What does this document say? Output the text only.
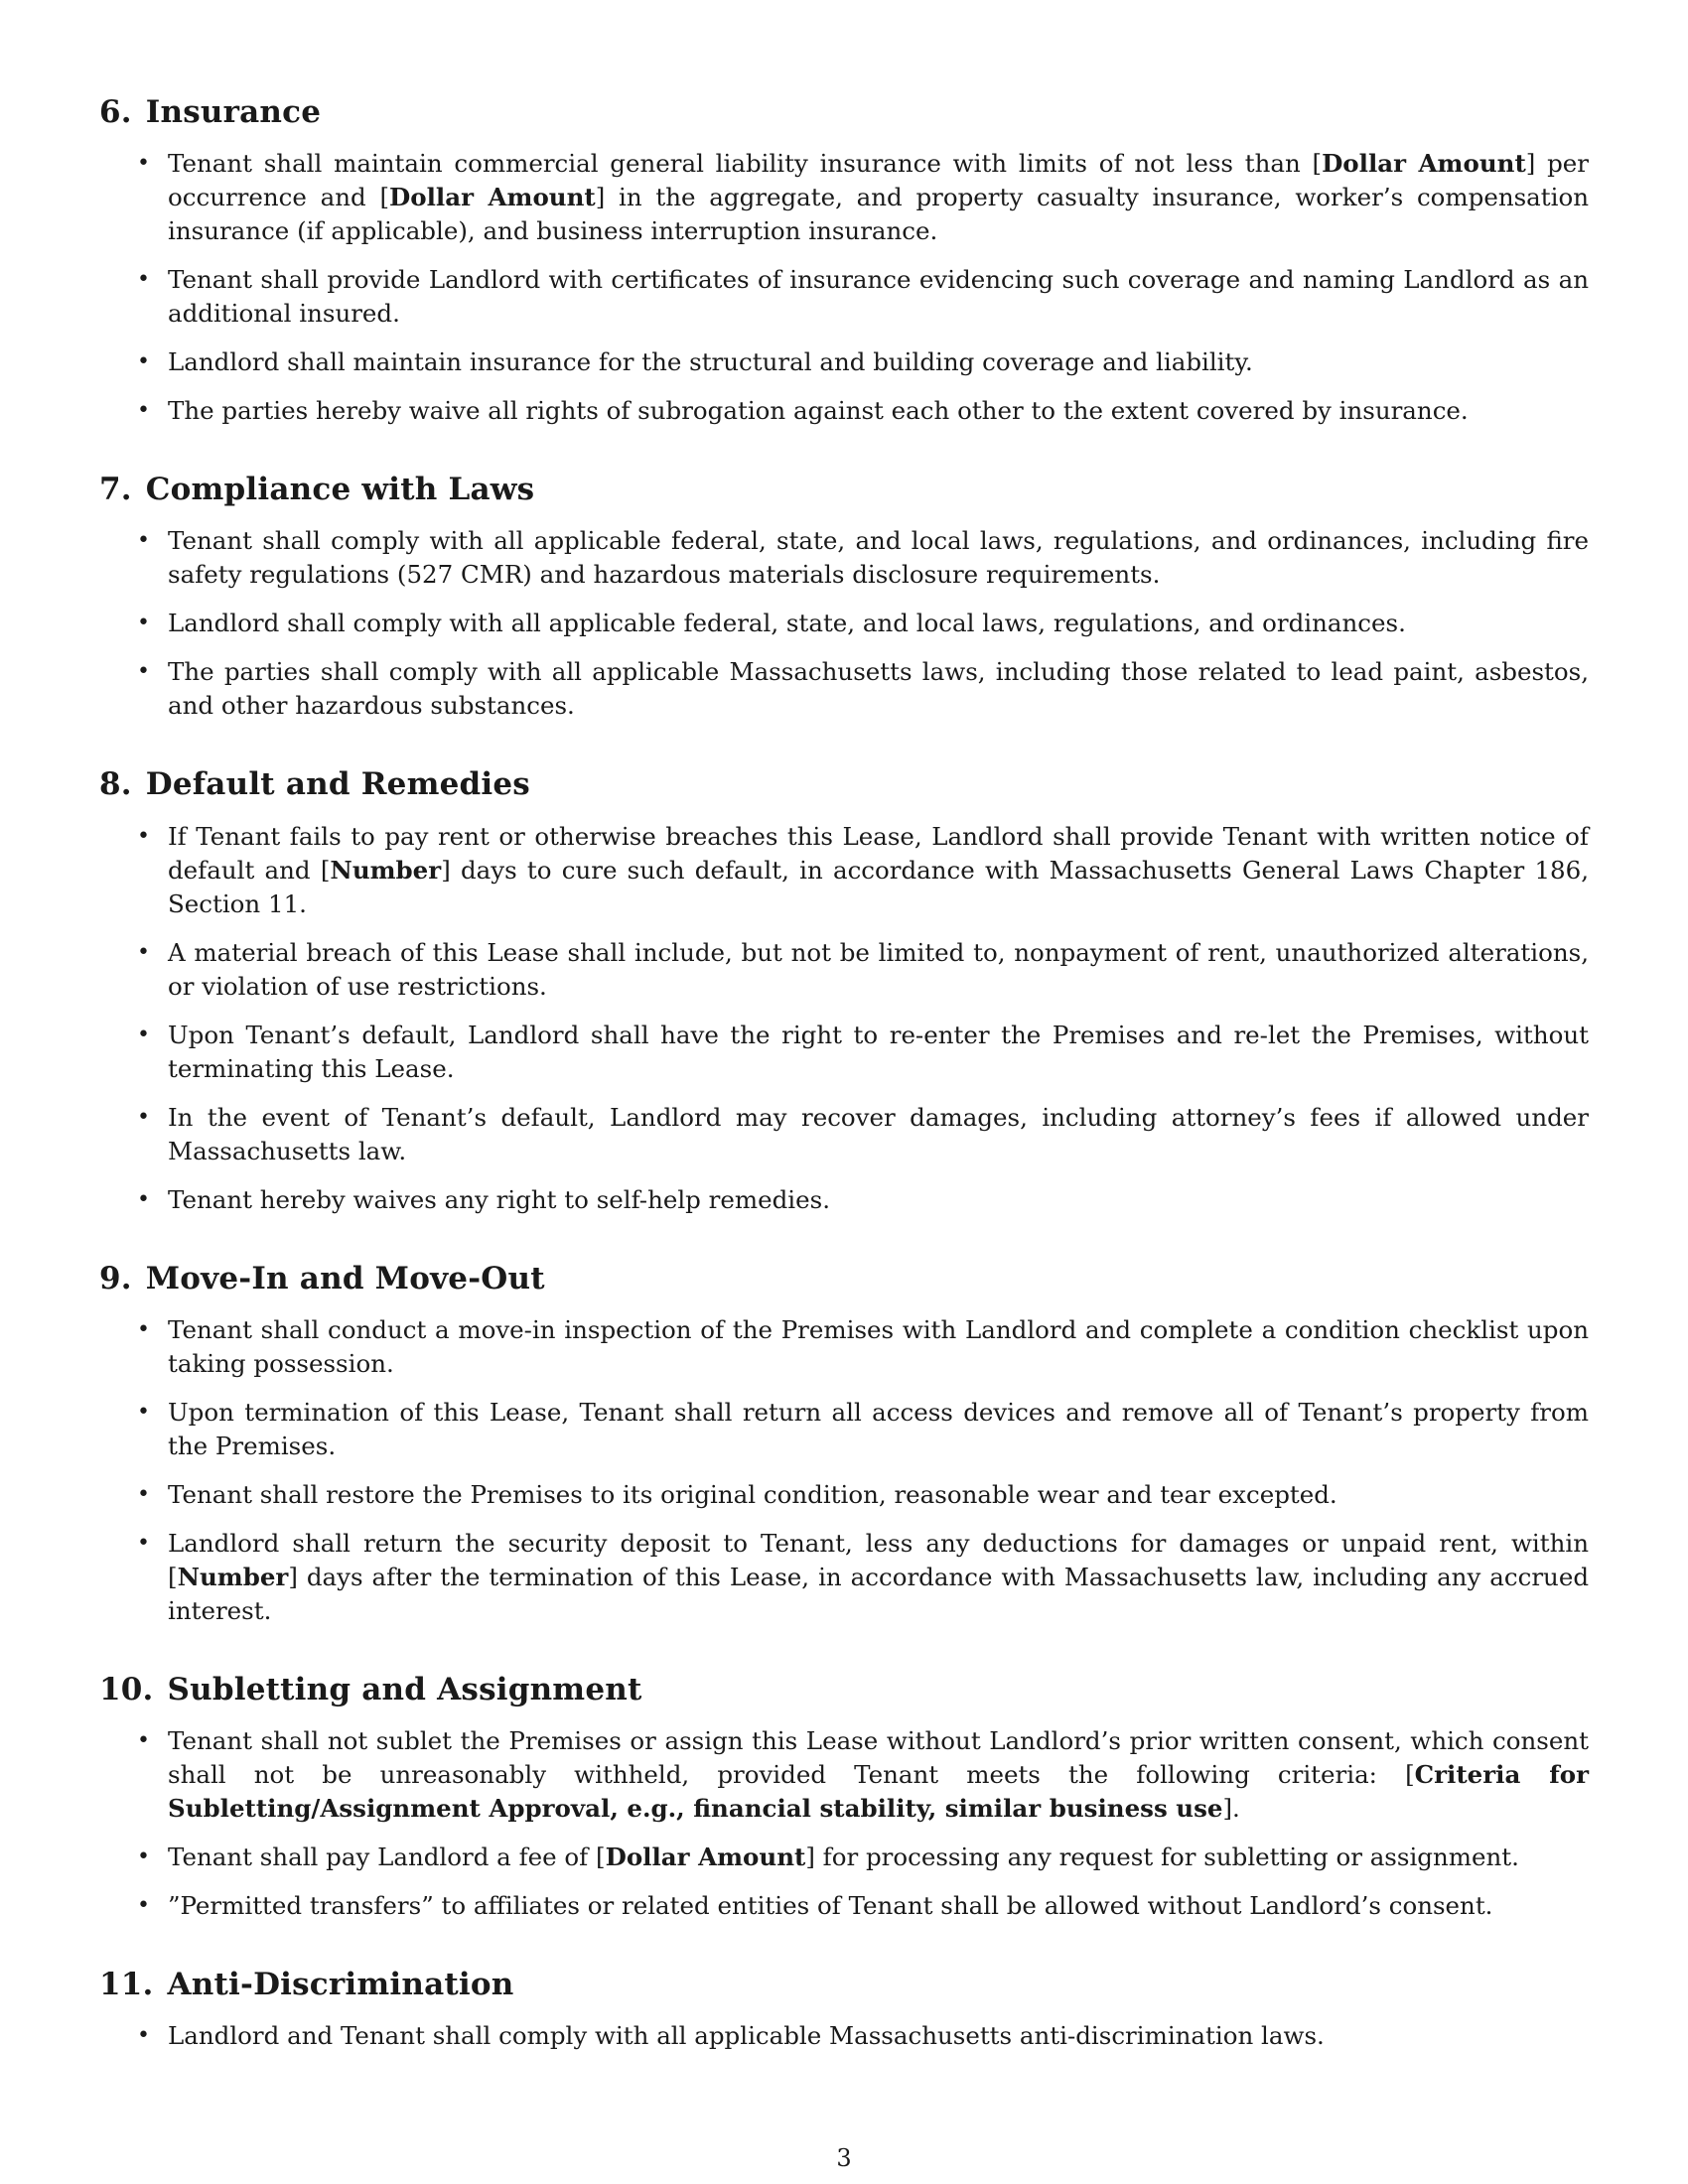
6. Insurance
• Tenant shall maintain commercial general liability insurance with limits of not less than [Dollar Amount] per occurrence and [Dollar Amount] in the aggregate, and property casualty insurance, worker’s compensation insurance (if applicable), and business interruption insurance.
• Tenant shall provide Landlord with certificates of insurance evidencing such coverage and naming Landlord as an additional insured.
• Landlord shall maintain insurance for the structural and building coverage and liability.
• The parties hereby waive all rights of subrogation against each other to the extent covered by insurance.
7. Compliance with Laws
• Tenant shall comply with all applicable federal, state, and local laws, regulations, and ordinances, including fire safety regulations (527 CMR) and hazardous materials disclosure requirements.
• Landlord shall comply with all applicable federal, state, and local laws, regulations, and ordinances.
• The parties shall comply with all applicable Massachusetts laws, including those related to lead paint, asbestos, and other hazardous substances.
8. Default and Remedies
• If Tenant fails to pay rent or otherwise breaches this Lease, Landlord shall provide Tenant with written notice of default and [Number] days to cure such default, in accordance with Massachusetts General Laws Chapter 186, Section 11.
• A material breach of this Lease shall include, but not be limited to, nonpayment of rent, unauthorized alterations, or violation of use restrictions.
• Upon Tenant’s default, Landlord shall have the right to re-enter the Premises and re-let the Premises, without terminating this Lease.
• In the event of Tenant’s default, Landlord may recover damages, including attorney’s fees if allowed under Massachusetts law.
• Tenant hereby waives any right to self-help remedies.
9. Move-In and Move-Out
• Tenant shall conduct a move-in inspection of the Premises with Landlord and complete a condition checklist upon taking possession.
• Upon termination of this Lease, Tenant shall return all access devices and remove all of Tenant’s property from the Premises.
• Tenant shall restore the Premises to its original condition, reasonable wear and tear excepted.
• Landlord shall return the security deposit to Tenant, less any deductions for damages or unpaid rent, within [Number] days after the termination of this Lease, in accordance with Massachusetts law, including any accrued interest.
10. Subletting and Assignment
• Tenant shall not sublet the Premises or assign this Lease without Landlord’s prior written consent, which consent shall not be unreasonably withheld, provided Tenant meets the following criteria: [Criteria for Subletting/Assignment Approval, e.g., financial stability, similar business use].
• Tenant shall pay Landlord a fee of [Dollar Amount] for processing any request for subletting or assignment.
• ”Permitted transfers” to affiliates or related entities of Tenant shall be allowed without Landlord’s consent.
11. Anti-Discrimination
• Landlord and Tenant shall comply with all applicable Massachusetts anti-discrimination laws.
3
